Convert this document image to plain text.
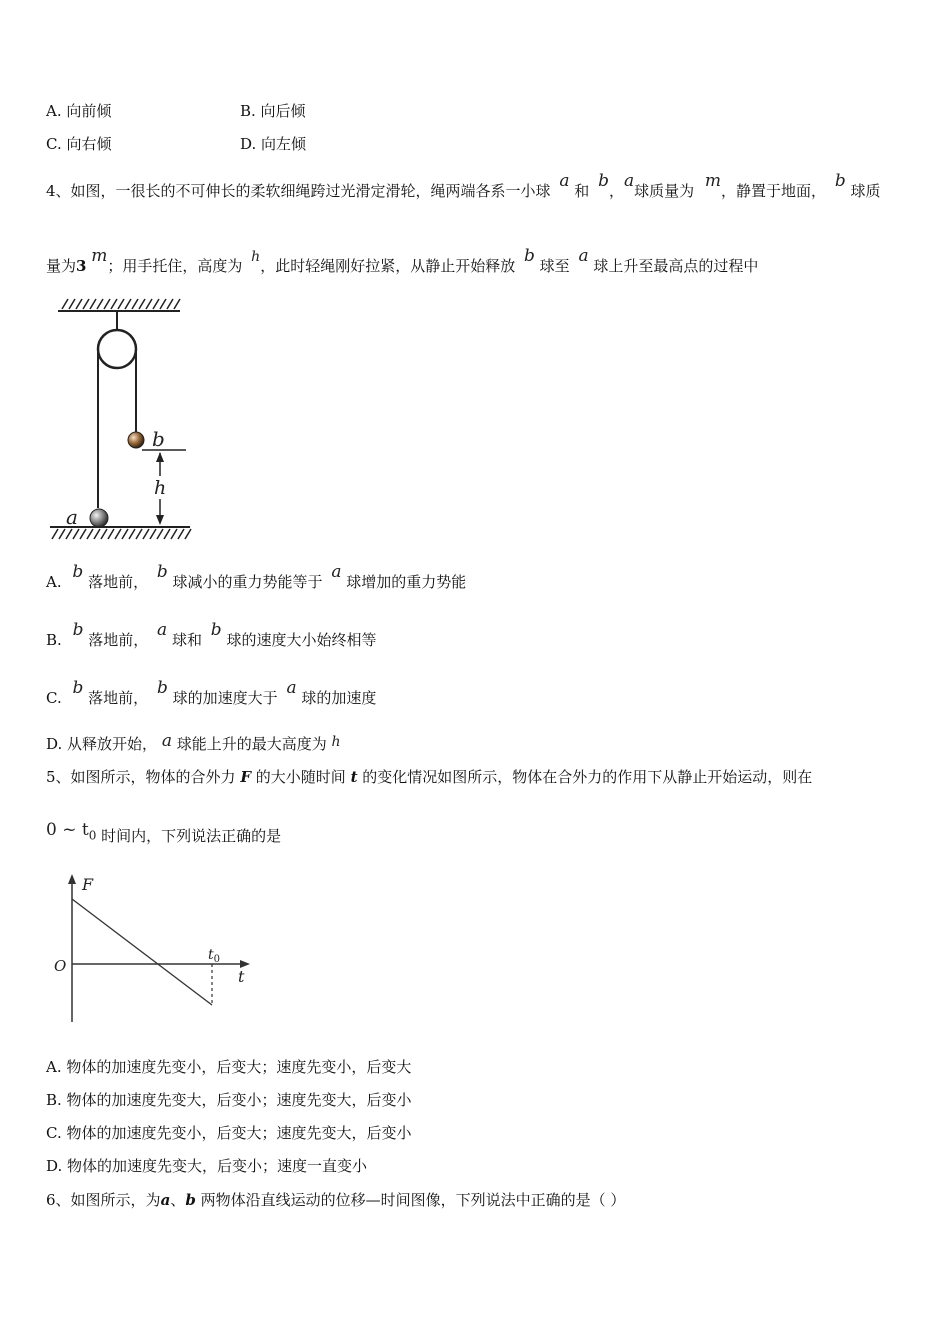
A. 向前倾	B. 向后倾
C. 向右倾	D. 向左倾
4、如图，一很长的不可伸长的柔软细绳跨过光滑定滑轮，绳两端各系一小球 a 和 b，a球质量为 m，静置于地面， b 球质
量为3 m；用手托住，高度为 h，此时轻绳刚好拉紧，从静止开始释放 b 球至 a 球上升至最高点的过程中
b
h
a
A. b 落地前， b 球减小的重力势能等于 a 球增加的重力势能
B. b 落地前， a 球和 b 球的速度大小始终相等
C. b 落地前， b 球的加速度大于 a 球的加速度
D. 从释放开始， a 球能上升的最大高度为 h
5、如图所示，物体的合外力 F 的大小随时间 t 的变化情况如图所示，物体在合外力的作用下从静止开始运动，则在
0 ~ $t_0$ 时间内，下列说法正确的是
F
t
O
$t_0$
A. 物体的加速度先变小，后变大；速度先变小，后变大
B. 物体的加速度先变大，后变小；速度先变大，后变小
C. 物体的加速度先变小，后变大；速度先变大，后变小
D. 物体的加速度先变大，后变小；速度一直变小
6、如图所示，为a、b 两物体沿直线运动的位移—时间图像，下列说法中正确的是（ ）
